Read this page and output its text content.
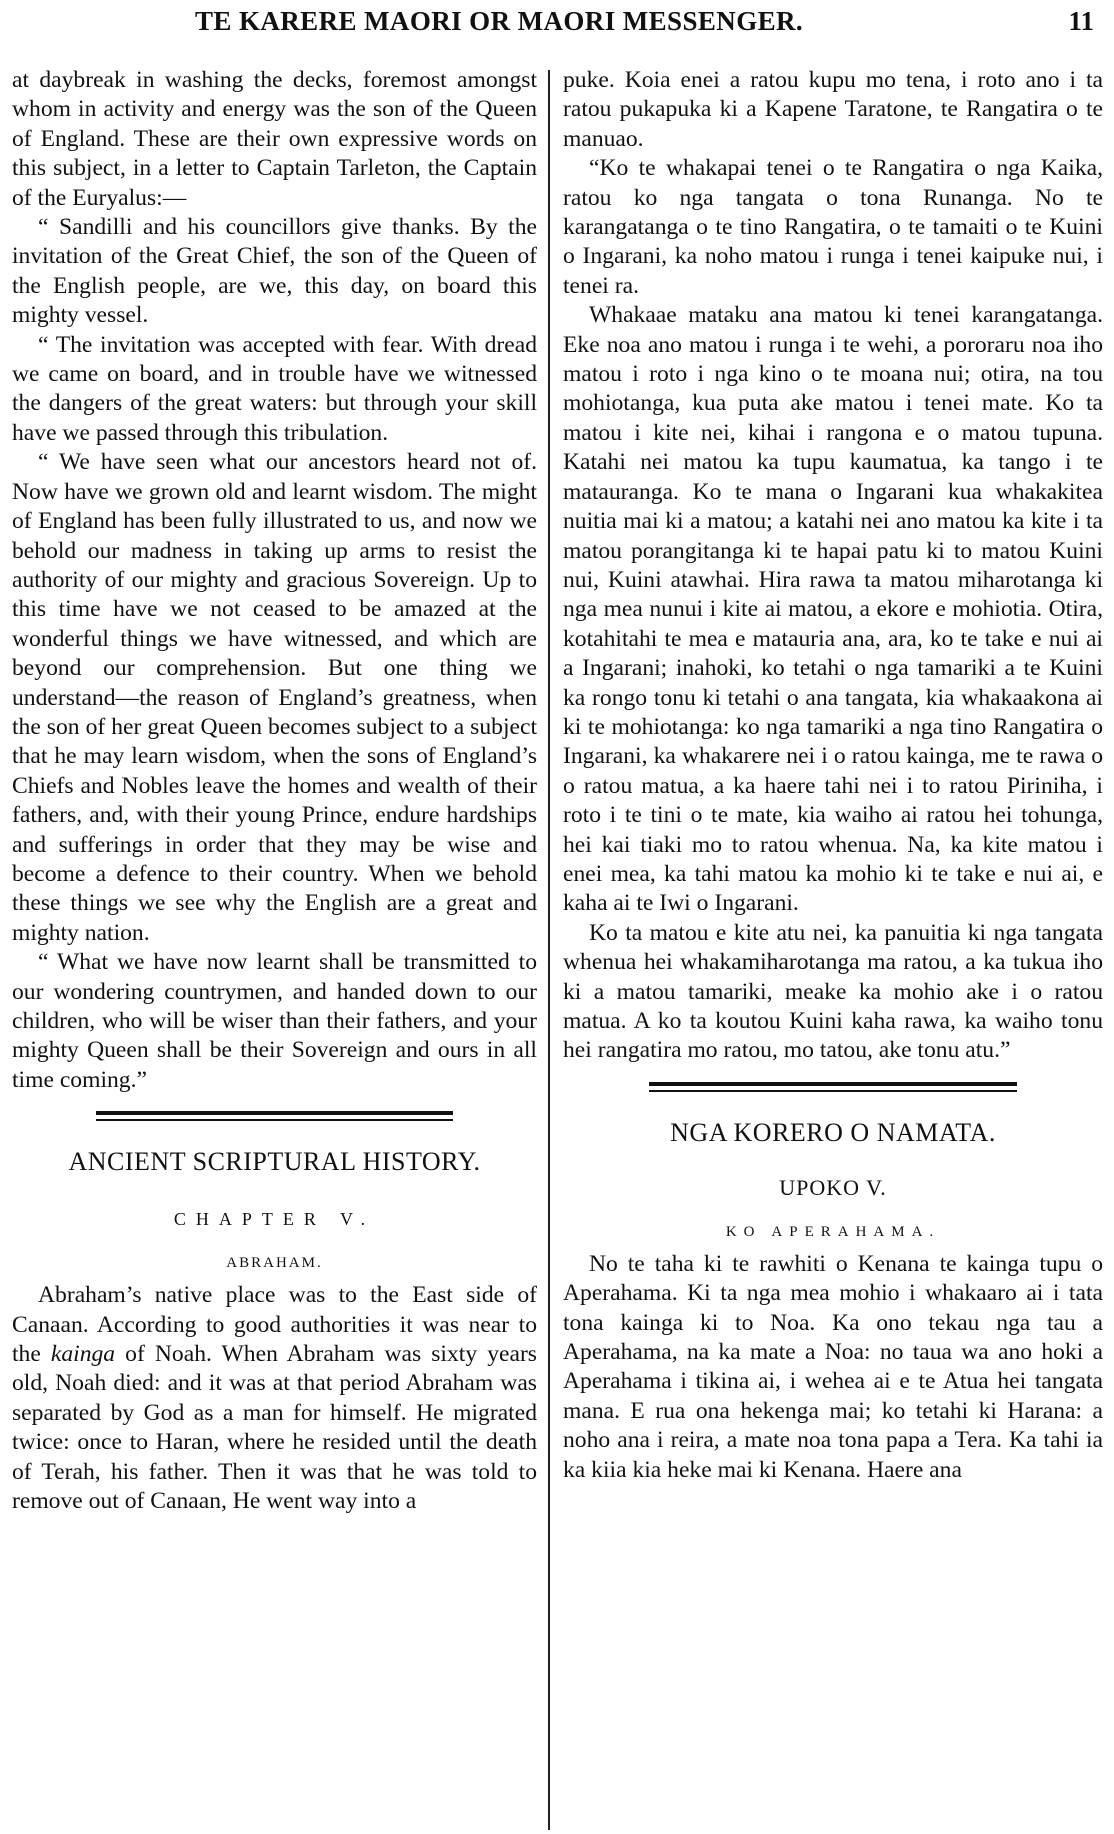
TE KARERE MAORI OR MAORI MESSENGER.	11

at daybreak in washing the decks, foremost amongst whom in activity and energy was the son of the Queen of England. These are their own expressive words on this subject, in a letter to Captain Tarleton, the Captain of the Euryalus:—

“ Sandilli and his councillors give thanks. By the invitation of the Great Chief, the son of the Queen of the English people, are we, this day, on board this mighty vessel.

“ The invitation was accepted with fear. With dread we came on board, and in trouble have we witnessed the dangers of the great waters: but through your skill have we passed through this tribulation.

“ We have seen what our ancestors heard not of. Now have we grown old and learnt wisdom. The might of England has been fully illustrated to us, and now we behold our madness in taking up arms to resist the authority of our mighty and gracious Sovereign. Up to this time have we not ceased to be amazed at the wonderful things we have witnessed, and which are beyond our comprehension. But one thing we understand—the reason of England’s greatness, when the son of her great Queen becomes subject to a subject that he may learn wisdom, when the sons of England’s Chiefs and Nobles leave the homes and wealth of their fathers, and, with their young Prince, endure hardships and sufferings in order that they may be wise and become a defence to their country. When we behold these things we see why the English are a great and mighty nation.

“ What we have now learnt shall be transmitted to our wondering countrymen, and handed down to our children, who will be wiser than their fathers, and your mighty Queen shall be their Sovereign and ours in all time coming.”

ANCIENT SCRIPTURAL HISTORY.
CHAPTER V.
ABRAHAM.

Abraham’s native place was to the East side of Canaan. According to good authorities it was near to the kainga of Noah. When Abraham was sixty years old, Noah died: and it was at that period Abraham was separated by God as a man for himself. He migrated twice: once to Haran, where he resided until the death of Terah, his father. Then it was that he was told to remove out of Canaan, He went way into a

puke. Koia enei a ratou kupu mo tena, i roto ano i ta ratou pukapuka ki a Kapene Taratone, te Rangatira o te manuao.

“Ko te whakapai tenei o te Rangatira o nga Kaika, ratou ko nga tangata o tona Runanga. No te karangatanga o te tino Rangatira, o te tamaiti o te Kuini o Ingarani, ka noho matou i runga i tenei kaipuke nui, i tenei ra.

Whakaae mataku ana matou ki tenei karangatanga. Eke noa ano matou i runga i te wehi, a pororaru noa iho matou i roto i nga kino o te moana nui; otira, na tou mohiotanga, kua puta ake matou i tenei mate. Ko ta matou i kite nei, kihai i rangona e o matou tupuna. Katahi nei matou ka tupu kaumatua, ka tango i te matauranga. Ko te mana o Ingarani kua whakakitea nuitia mai ki a matou; a katahi nei ano matou ka kite i ta matou porangitanga ki te hapai patu ki to matou Kuini nui, Kuini atawhai. Hira rawa ta matou miharotanga ki nga mea nunui i kite ai matou, a ekore e mohiotia. Otira, kotahitahi te mea e matauria ana, ara, ko te take e nui ai a Ingarani; inahoki, ko tetahi o nga tamariki a te Kuini ka rongo tonu ki tetahi o ana tangata, kia whakaakona ai ki te mohiotanga: ko nga tamariki a nga tino Rangatira o Ingarani, ka whakarere nei i o ratou kainga, me te rawa o o ratou matua, a ka haere tahi nei i to ratou Piriniha, i roto i te tini o te mate, kia waiho ai ratou hei tohunga, hei kai tiaki mo to ratou whenua. Na, ka kite matou i enei mea, ka tahi matou ka mohio ki te take e nui ai, e kaha ai te Iwi o Ingarani.

Ko ta matou e kite atu nei, ka panuitia ki nga tangata whenua hei whakamiharotanga ma ratou, a ka tukua iho ki a matou tamariki, meake ka mohio ake i o ratou matua. A ko ta koutou Kuini kaha rawa, ka waiho tonu hei rangatira mo ratou, mo tatou, ake tonu atu.”

NGA KORERO O NAMATA.
UPOKO V.
KO APERAHAMA.

No te taha ki te rawhiti o Kenana te kainga tupu o Aperahama. Ki ta nga mea mohio i whakaaro ai i tata tona kainga ki to Noa. Ka ono tekau nga tau a Aperahama, na ka mate a Noa: no taua wa ano hoki a Aperahama i tikina ai, i wehea ai e te Atua hei tangata mana. E rua ona hekenga mai; ko tetahi ki Harana: a noho ana i reira, a mate noa tona papa a Tera. Ka tahi ia ka kiia kia heke mai ki Kenana. Haere ana
